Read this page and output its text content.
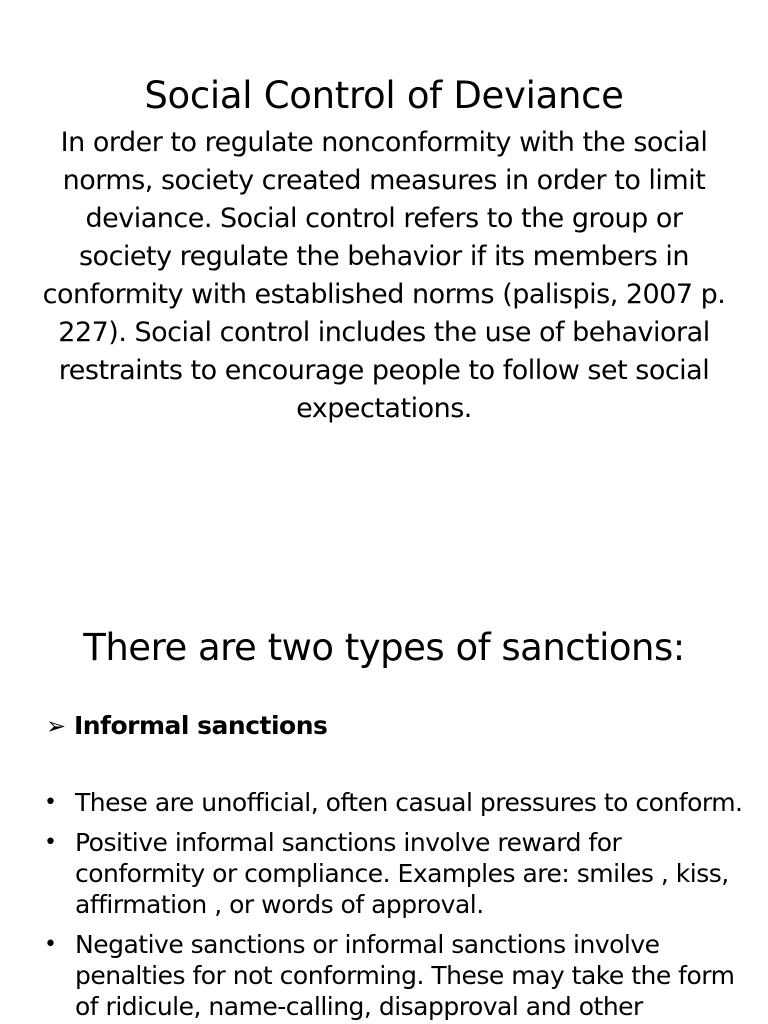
Social Control of Deviance

In order to regulate nonconformity with the social norms, society created measures in order to limit deviance. Social control refers to the group or society regulate the behavior if its members in conformity with established norms (palispis, 2007 p. 227). Social control includes the use of behavioral restraints to encourage people to follow set social expectations.

There are two types of sanctions:
➢ Informal sanctions
• These are unofficial, often casual pressures to conform.
• Positive informal sanctions involve reward for conformity or compliance. Examples are: smiles , kiss, affirmation , or words of approval.
• Negative sanctions or informal sanctions involve penalties for not conforming. These may take the form of ridicule, name-calling, disapproval and other
